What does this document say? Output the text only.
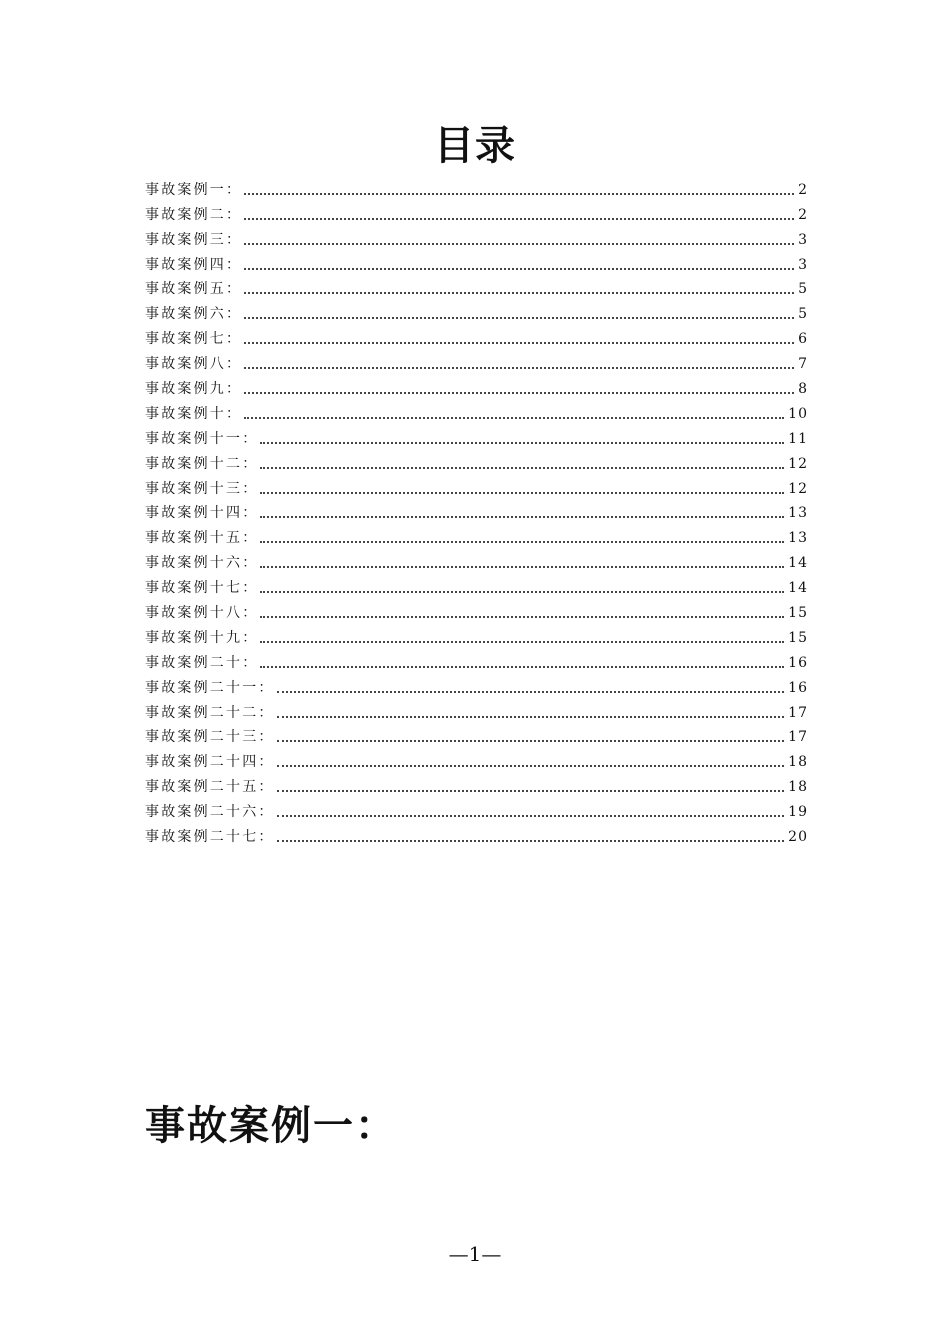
目录
事故案例一：	2
事故案例二：	2
事故案例三：	3
事故案例四：	3
事故案例五：	5
事故案例六：	5
事故案例七：	6
事故案例八：	7
事故案例九：	8
事故案例十：	10
事故案例十一：	11
事故案例十二：	12
事故案例十三：	12
事故案例十四：	13
事故案例十五：	13
事故案例十六：	14
事故案例十七：	14
事故案例十八：	15
事故案例十九：	15
事故案例二十：	16
事故案例二十一：	16
事故案例二十二：	17
事故案例二十三：	17
事故案例二十四：	18
事故案例二十五：	18
事故案例二十六：	19
事故案例二十七：	20
事故案例一：
—1—
